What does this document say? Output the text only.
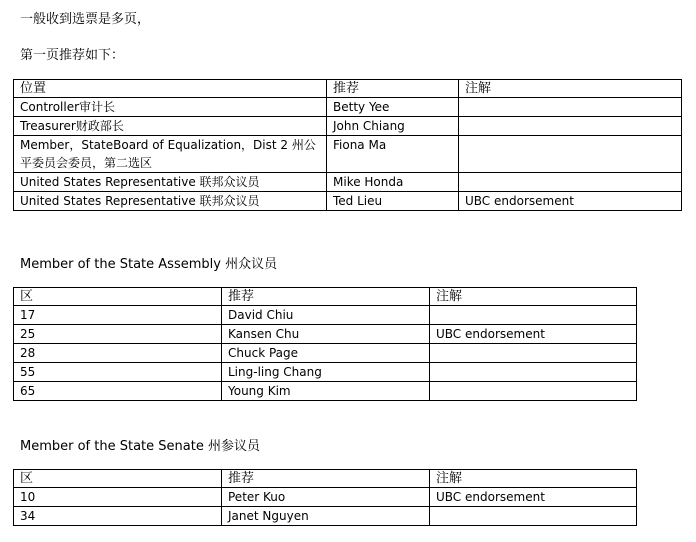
一般收到选票是多页，
第一页推荐如下：
位置	推荐	注解
Controller审计长	Betty Yee	
Treasurer财政部长	John Chiang	
Member，StateBoard of Equalization，Dist 2 州公平委员会委员，第二选区	Fiona Ma	
United States Representative 联邦众议员	Mike Honda	
United States Representative 联邦众议员	Ted Lieu	UBC endorsement
Member of the State Assembly 州众议员
区	推荐	注解
17	David Chiu	
25	Kansen Chu	UBC endorsement
28	Chuck Page	
55	Ling-ling Chang	
65	Young Kim	
Member of the State Senate 州参议员
区	推荐	注解
10	Peter Kuo	UBC endorsement
34	Janet Nguyen	
